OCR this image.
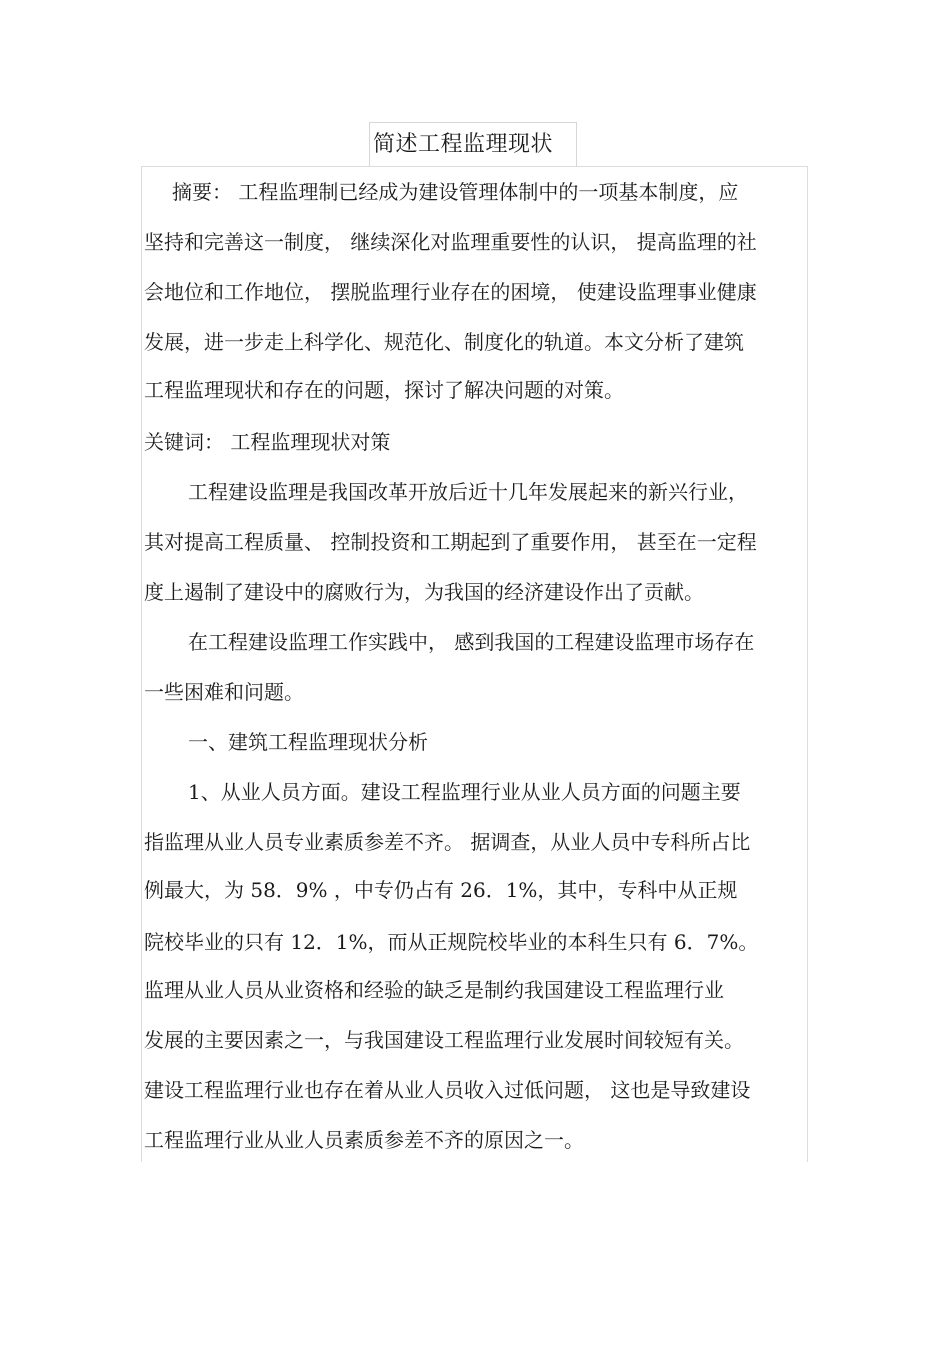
简述工程监理现状
摘要： 工程监理制已经成为建设管理体制中的一项基本制度，应
坚持和完善这一制度， 继续深化对监理重要性的认识， 提高监理的社
会地位和工作地位， 摆脱监理行业存在的困境， 使建设监理事业健康
发展，进一步走上科学化、规范化、制度化的轨道。本文分析了建筑
工程监理现状和存在的问题，探讨了解决问题的对策。
关键词： 工程监理现状对策
工程建设监理是我国改革开放后近十几年发展起来的新兴行业，
其对提高工程质量、 控制投资和工期起到了重要作用， 甚至在一定程
度上遏制了建设中的腐败行为，为我国的经济建设作出了贡献。
在工程建设监理工作实践中， 感到我国的工程建设监理市场存在
一些困难和问题。
一、建筑工程监理现状分析
1、从业人员方面。建设工程监理行业从业人员方面的问题主要
指监理从业人员专业素质参差不齐。 据调查，从业人员中专科所占比
例最大，为 58．9% ，中专仍占有 26．1%，其中，专科中从正规
院校毕业的只有 12．1%，而从正规院校毕业的本科生只有 6．7%。
监理从业人员从业资格和经验的缺乏是制约我国建设工程监理行业
发展的主要因素之一，与我国建设工程监理行业发展时间较短有关。
建设工程监理行业也存在着从业人员收入过低问题， 这也是导致建设
工程监理行业从业人员素质参差不齐的原因之一。
